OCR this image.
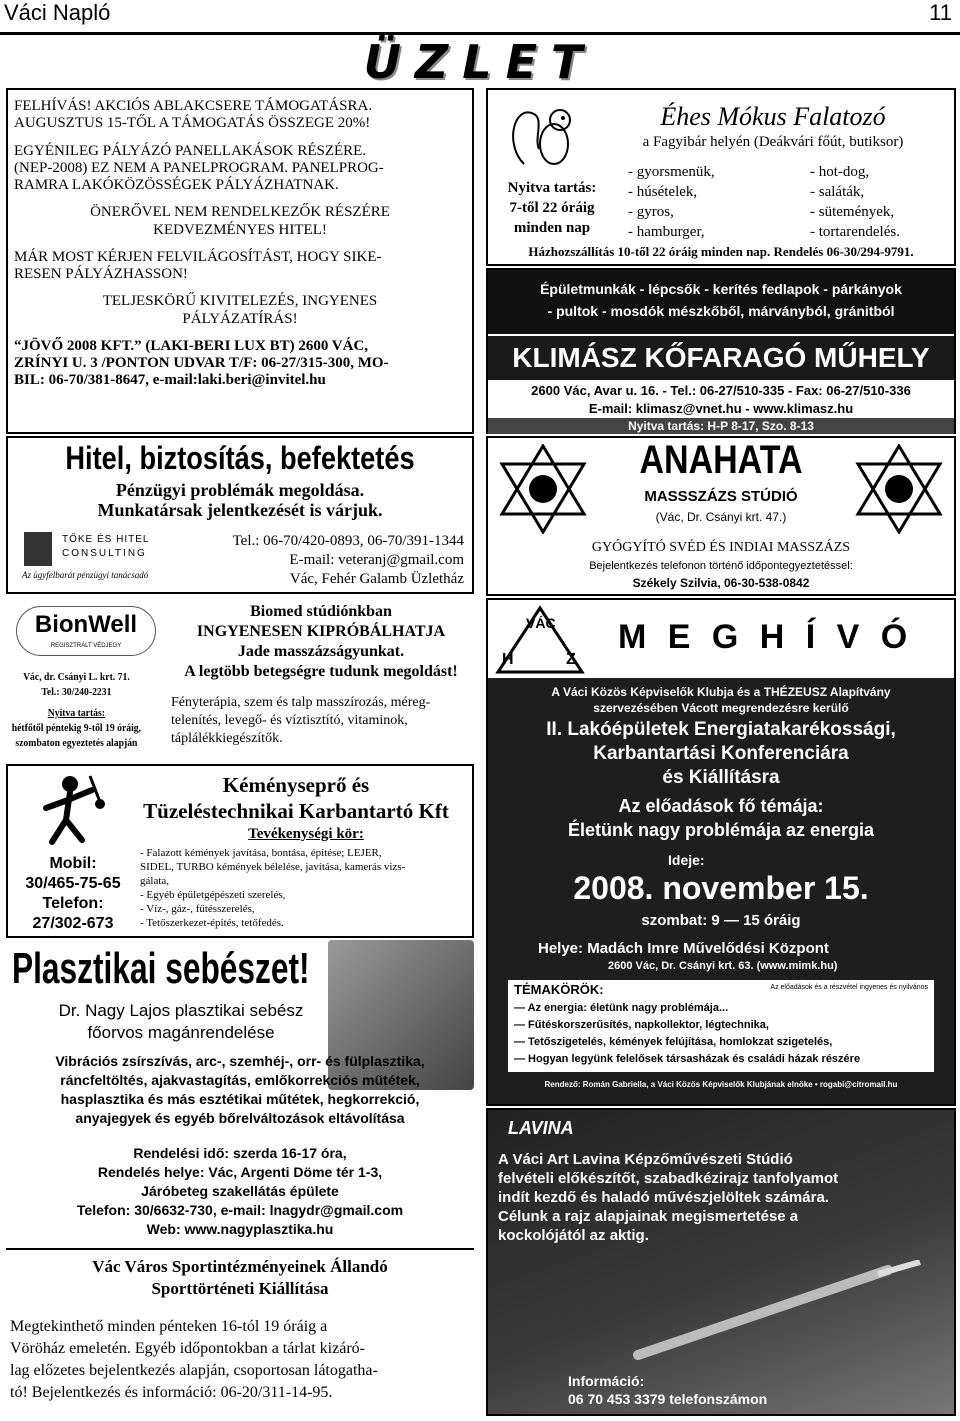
Váci Napló	11
ÜZLET

FELHÍVÁS! AKCIÓS ABLAKCSERE TÁMOGATÁSRA.

AUGUSZTUS 15-TŐL A TÁMOGATÁS ÖSSZEGE 20%!

EGYÉNILEG PÁLYÁZÓ PANELLAKÁSOK RÉSZÉRE.

(NEP-2008) EZ NEM A PANELPROGRAM. PANELPROG-

RAMRA LAKÓKÖZÖSSÉGEK PÁLYÁZHATNAK.

ÖNERŐVEL NEM RENDELKEZŐK RÉSZÉRE

KEDVEZMÉNYES HITEL!

MÁR MOST KÉRJEN FELVILÁGOSÍTÁST, HOGY SIKE-

RESEN PÁLYÁZHASSON!

TELJESKÖRŰ KIVITELEZÉS, INGYENES

PÁLYÁZATÍRÁS!

“JÖVŐ 2008 KFT.” (LAKI-BERI LUX BT) 2600 VÁC,

ZRÍNYI U. 3 /PONTON UDVAR T/F: 06-27/315-300, MO-

BIL: 06-70/381-8647, e-mail:laki.beri@invitel.hu

Hitel, biztosítás, befektetés
Pénzügyi problémák megoldása.
Munkatársak jelentkezését is várjuk.
TŐKE ÉS HITEL
CONSULTING
Az ügyfelbarát pénzügyi tanácsadó
Tel.: 06-70/420-0893, 06-70/391-1344
E-mail: veteranj@gmail.com
Vác, Fehér Galamb Üzletház
BionWell
REGISZTRÁLT VÉDJEGY
Vác, dr. Csányi L. krt. 71.
Tel.: 30/240-2231
Nyitva tartás:
hétfőtől péntekig 9-től 19 óráig,
szombaton egyeztetés alapján
Biomed stúdiónkban
INGYENESEN KIPRÓBÁLHATJA
Jade masszázságyunkat.
A legtöbb betegségre tudunk megoldást!
Fényterápia, szem és talp masszírozás, méreg-
telenítés, levegő- és víztisztító, vitaminok,
táplálékkiegészítők.
Mobil:
30/465-75-65
Telefon:
27/302-673
Kéményseprő és
Tüzeléstechnikai Karbantartó Kft
Tevékenységi kör:
- Falazott kémények javítása, bontása, építése; LEJER,
SIDEL, TURBO kémények bélelése, javítása, kamerás vizs-
gálata,
- Egyéb épületgépészeti szerelés,
- Víz-, gáz-, fűtésszerelés,
- Tetőszerkezet-építés, tetőfedés.
Plasztikai sebészet!
Dr. Nagy Lajos plasztikai sebész
főorvos magánrendelése
Vibrációs zsírszívás, arc-, szemhéj-, orr- és fülplasztika,
ráncfeltöltés, ajakvastagítás, emlőkorrekciós műtétek,
hasplasztika és más esztétikai műtétek, hegkorrekció,
anyajegyek és egyéb bőrelváltozások eltávolítása
Rendelési idő: szerda 16-17 óra,
Rendelés helye: Vác, Argenti Döme tér 1-3,
Járóbeteg szakellátás épülete
Telefon: 30/6632-730, e-mail: lnagydr@gmail.com
Web: www.nagyplasztika.hu
Vác Város Sportintézményeinek Állandó
Sporttörténeti Kiállítása
Megtekinthető minden pénteken 16-tól 19 óráig a
Vöröház emeletén. Egyéb időpontokban a tárlat kizáró-
lag előzetes bejelentkezés alapján, csoportosan látogatha-
tó! Bejelentkezés és információ: 06-20/311-14-95.
Éhes Mókus Falatozó
a Fagyibár helyén (Deákvári főút, butiksor)
Nyitva tartás:
7-től 22 óráig
minden nap
- gyorsmenük,
- húsételek,
- gyros,
- hamburger,
- hot-dog,
- saláták,
- sütemények,
- tortarendelés.
Házhozszállítás 10-től 22 óráig minden nap. Rendelés 06-30/294-9791.
Épületmunkák - lépcsők - kerítés fedlapok - párkányok
- pultok - mosdók mészkőből, márványból, gránitból
KLIMÁSZ KŐFARAGÓ MŰHELY
2600 Vác, Avar u. 16. - Tel.: 06-27/510-335 - Fax: 06-27/510-336
E-mail: klimasz@vnet.hu - www.klimasz.hu
Nyitva tartás: H-P 8-17, Szo. 8-13
ANAHATA
MASSSZÁZS STÚDIÓ
(Vác, Dr. Csányi krt. 47.)
GYÓGYÍTÓ SVÉD ÉS INDIAI MASSZÁZS
Bejelentkezés telefonon történő időpontegyeztetéssel:
Székely Szilvia, 06-30-538-0842
VÁC
H	Z
M E G H Í V Ó
A Váci Közös Képviselők Klubja és a THÉZEUSZ Alapítvány
szervezésében Vácott megrendezésre kerülő
II. Lakóépületek Energiatakarékossági,
Karbantartási Konferenciára
és Kiállításra
Az előadások fő témája:
Életünk nagy problémája az energia
Ideje:
2008. november 15.
szombat: 9 — 15 óráig
Helye: Madách Imre Művelődési Központ
2600 Vác, Dr. Csányi krt. 63. (www.mimk.hu)
TÉMAKÖRÖK:	Az előadások és a részvétel ingyenes és nyilvános
— Az energia: életünk nagy problémája...
— Fűtéskorszerűsítés, napkollektor, légtechnika,
— Tetőszigetelés, kémények felújítása, homlokzat szigetelés,
— Hogyan legyünk felelősek társasházak és családi házak részére
Rendező: Román Gabriella, a Váci Közös Képviselők Klubjának elnöke • rogabi@citromail.hu
LAVINA
A Váci Art Lavina Képzőművészeti Stúdió
felvételi előkészítőt, szabadkézirajz tanfolyamot
indít kezdő és haladó művészjelöltek számára.
Célunk a rajz alapjainak megismertetése a
kockolójától az aktig.
Információ:
06 70 453 3379 telefonszámon
